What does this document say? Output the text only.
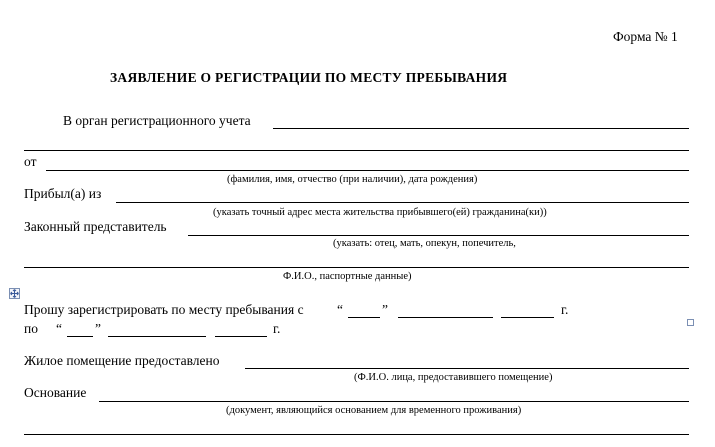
Форма № 1
ЗАЯВЛЕНИЕ О РЕГИСТРАЦИИ ПО МЕСТУ ПРЕБЫВАНИЯ
В орган регистрационного учета
от
(фамилия, имя, отчество (при наличии), дата рождения)
Прибыл(а) из
(указать точный адрес места жительства прибывшего(ей) гражданина(ки))
Законный представитель
(указать: отец, мать, опекун, попечитель,
Ф.И.О., паспортные данные)
Прошу зарегистрировать по месту пребывания с “	”	г.
по “ ”	г.
Жилое помещение предоставлено
(Ф.И.О. лица, предоставившего помещение)
Основание
(документ, являющийся основанием для временного проживания)
